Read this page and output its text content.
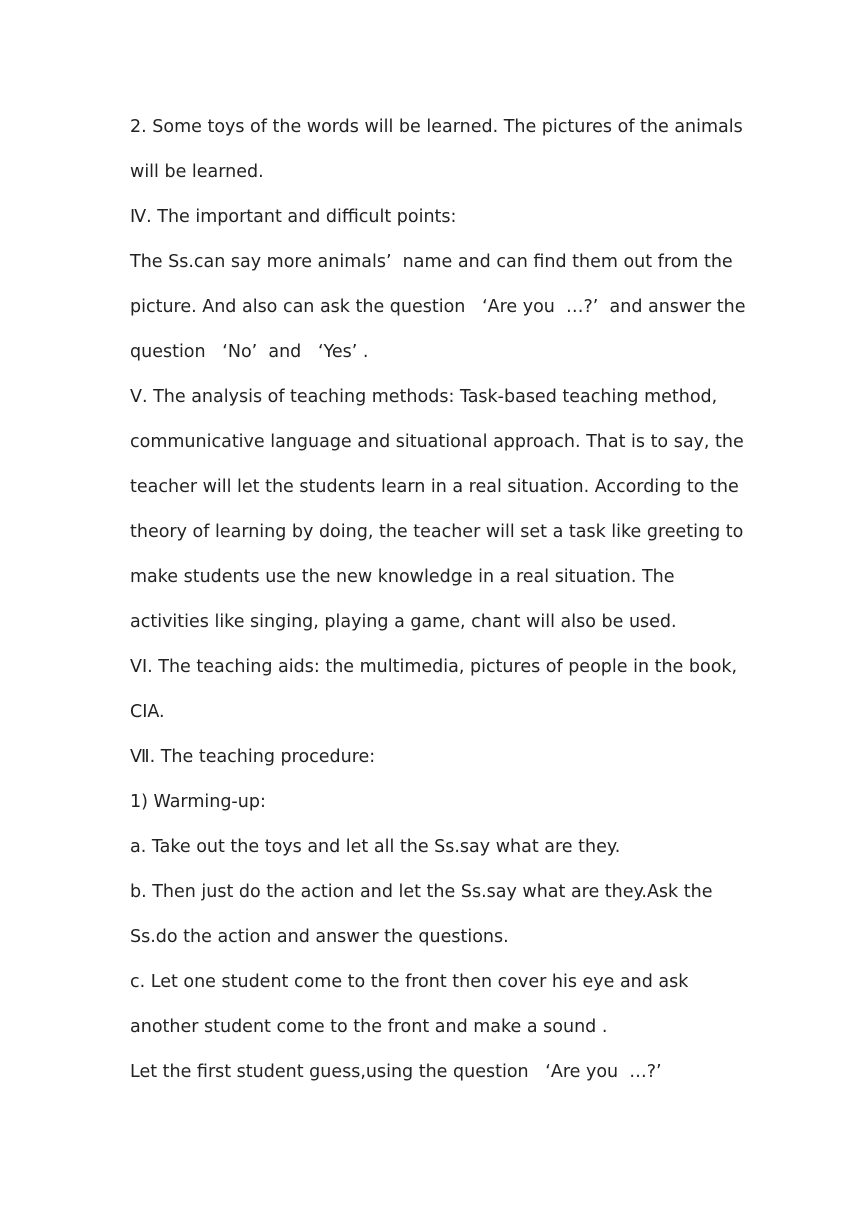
2. Some toys of the words will be learned. The pictures of the animals
will be learned.
Ⅳ. The important and difficult points:
The Ss.can say more animals’  name and can find them out from the
picture. And also can ask the question   ‘Are you  …?’  and answer the
question   ‘No’  and   ‘Yes’ .
Ⅴ. The analysis of teaching methods: Task-based teaching method,
communicative language and situational approach. That is to say, the
teacher will let the students learn in a real situation. According to the
theory of learning by doing, the teacher will set a task like greeting to
make students use the new knowledge in a real situation. The
activities like singing, playing a game, chant will also be used.
VI. The teaching aids: the multimedia, pictures of people in the book,
CIA.
Ⅶ. The teaching procedure:
1) Warming-up:
a. Take out the toys and let all the Ss.say what are they.
b. Then just do the action and let the Ss.say what are they.Ask the
Ss.do the action and answer the questions.
c. Let one student come to the front then cover his eye and ask
another student come to the front and make a sound .
Let the first student guess,using the question   ‘Are you  …?’
